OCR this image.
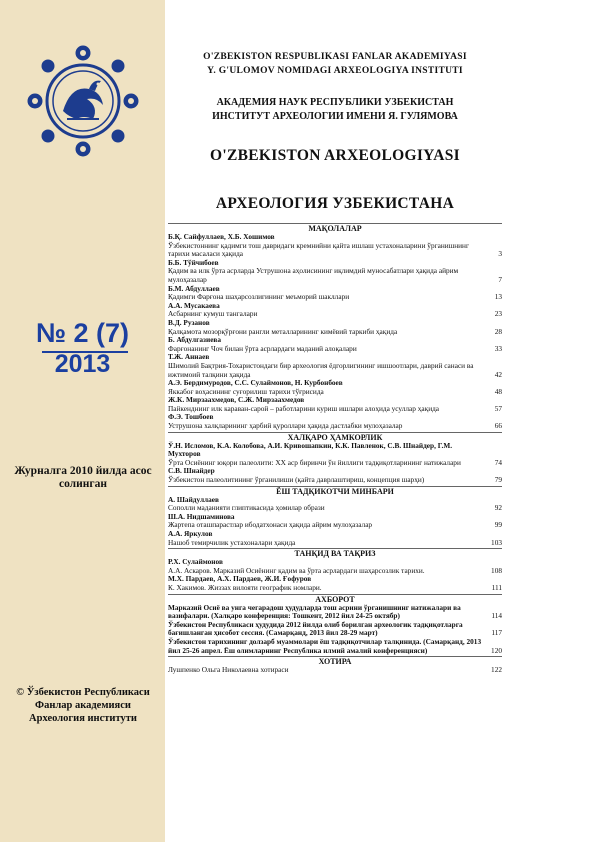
№ 2 (7)
2013
Журналга 2010 йилда асос солинган
© Ўзбекистон Республикаси Фанлар академияси Археология институти
O'ZBEKISTON RESPUBLIKASI FANLAR AKADEMIYASI
Y. G'ULOMOV NOMIDAGI ARXEOLOGIYA INSTITUTI
АКАДЕМИЯ НАУК РЕСПУБЛИКИ УЗБЕКИСТАН
ИНСТИТУТ АРХЕОЛОГИИ ИМЕНИ Я. ГУЛЯМОВА
O'ZBEKISTON ARXEOLOGIYASI
АРХЕОЛОГИЯ УЗБЕКИСТАНА
МАҚОЛАЛАР
Б.Қ. Сайфуллаев, Х.Б. Хошимов
Ўзбекистоннинг қадимги тош давридаги кремнийни қайта ишлаш устахоналарини ўрганишнинг тарихи масаласи ҳақида	3
Б.Б. Тўйчибоев
Қадим ва илк ўрта асрларда Уструшона аҳолисининг иқлимдий муносабатлари ҳақида айрим мулоҳазалар	7
Б.М. Абдуллаев
Қадимги Фарғона шаҳарсозлигининг меъморий шакллари	13
А.А. Мусакаева
Асбарнинг кумуш тангалари	23
В.Д. Рузанов
Қалқамота мозорқўрғони рангли металларининг кимёвий таркиби ҳақида	28
Б. Абдулгазиева
Фарғонанинг Чоч билан ўрта асрлардаги маданий алоқалари	33
Т.Ж. Аннаев
Шимолий Бақтрия-Тохаристондаги бир археология ёдгорлигининг ишшоотлари, даврий санаси ва ижтимоий талқини ҳақида	42
А.Э. Бердимуродов, С.С. Сулаймонов, Н. Курбонбоев
Яккабоғ воҳасининг суғорилиш тарихи тўғрисида	48
Ж.К. Мирзаахмедов, С.Ж. Мирзаахмедов
Пайкенднинг илк караван-сарой – работларини куриш ишлари алоҳида усуллар ҳақида	57
Ф.Э. Тошбоев
Уструшона халқларининг ҳарбий қуроллари ҳақида дастлабки мулоҳазалар	66
ХАЛҚАРО ҲАМКОРЛИК
Ў.Н. Исломов, К.А. Колобова, А.И. Кривошапкин, К.К. Павленок, С.В. Шнайдер, Г.М. Мухторов
Ўрта Осиёнинг юқори палеолити: ХХ аср биринчи ўн йиллиги тадқиқотларининг натижалари	74
С.В. Шнайдер
Ўзбекистон палеолитининг ўрганилиши (қайта даврлаштириш, концепция шарҳи)	79
ЁШ ТАДҚИКОТЧИ МИНБАРИ
А. Шайдуллаев
Сополли маданияти глиптикасида ҳомилар образи	92
Ш.А. Нидшаминова
Жартепа оташпарастлар ибодатхонаси ҳақида айрим мулоҳазалар	99
А.А. Яркулов
Нашоб темирчилик устахоналари ҳақида	103
ТАНҚИД ВА ТАҚРИЗ
Р.Х. Сулаймонов
А.А. Аскаров. Марказий Осиёнинг қадим ва ўрта асрлардаги шаҳарсозлик тарихи.	108
М.Х. Пардаев, А.Х. Пардаев, Ж.И. Ғофуров
К. Хакимов. Жиззах вилояти географик номлари.	111
АХБОРОТ
Марказий Осиё ва унга чегарадош ҳудудларда тош асрини ўрганишнинг натижалари ва вазифалари. (Халқаро конференция: Тошкент, 2012 йил 24-25 октябр)	114
Ўзбекистон Республикаси ҳудудида 2012 йилда олиб борилган археологик тадқиқотларга бағишланган ҳисобот сессия. (Самарқанд, 2013 йил 28-29 март)	117
Ўзбекистон тарихининг долзарб муаммолари ёш тадқиқотчилар талқинида. (Самарқанд, 2013 йил 25-26 апрел. Ёш олимларнинг Республика илмий амалий конференцияси)	120
ХОТИРА
Лушпенко Ольга Николаевна хотираси	122
